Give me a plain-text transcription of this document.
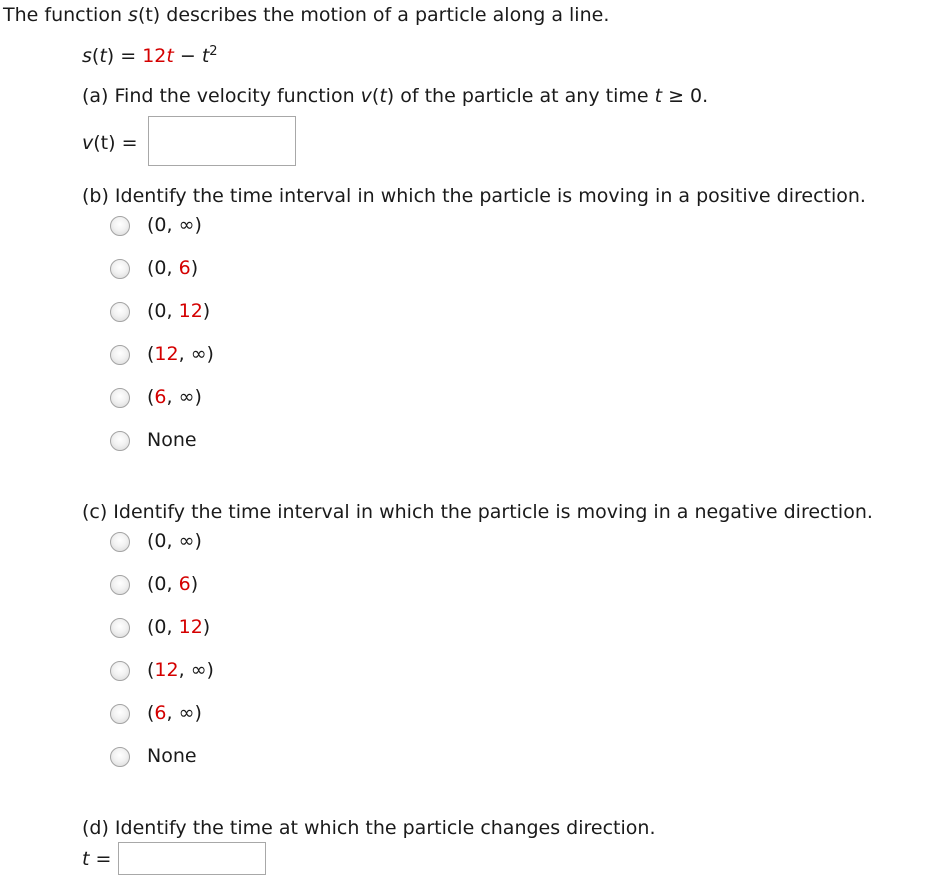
The function s(t) describes the motion of a particle along a line.
$s(t) = 12t - t^2$
(a) Find the velocity function v(t) of the particle at any time t ≥ 0.
v(t) =
(b) Identify the time interval in which the particle is moving in a positive direction.
(0, ∞)
(0, 6)
(0, 12)
(12, ∞)
(6, ∞)
None
(c) Identify the time interval in which the particle is moving in a negative direction.
(0, ∞)
(0, 6)
(0, 12)
(12, ∞)
(6, ∞)
None
(d) Identify the time at which the particle changes direction.
t =
